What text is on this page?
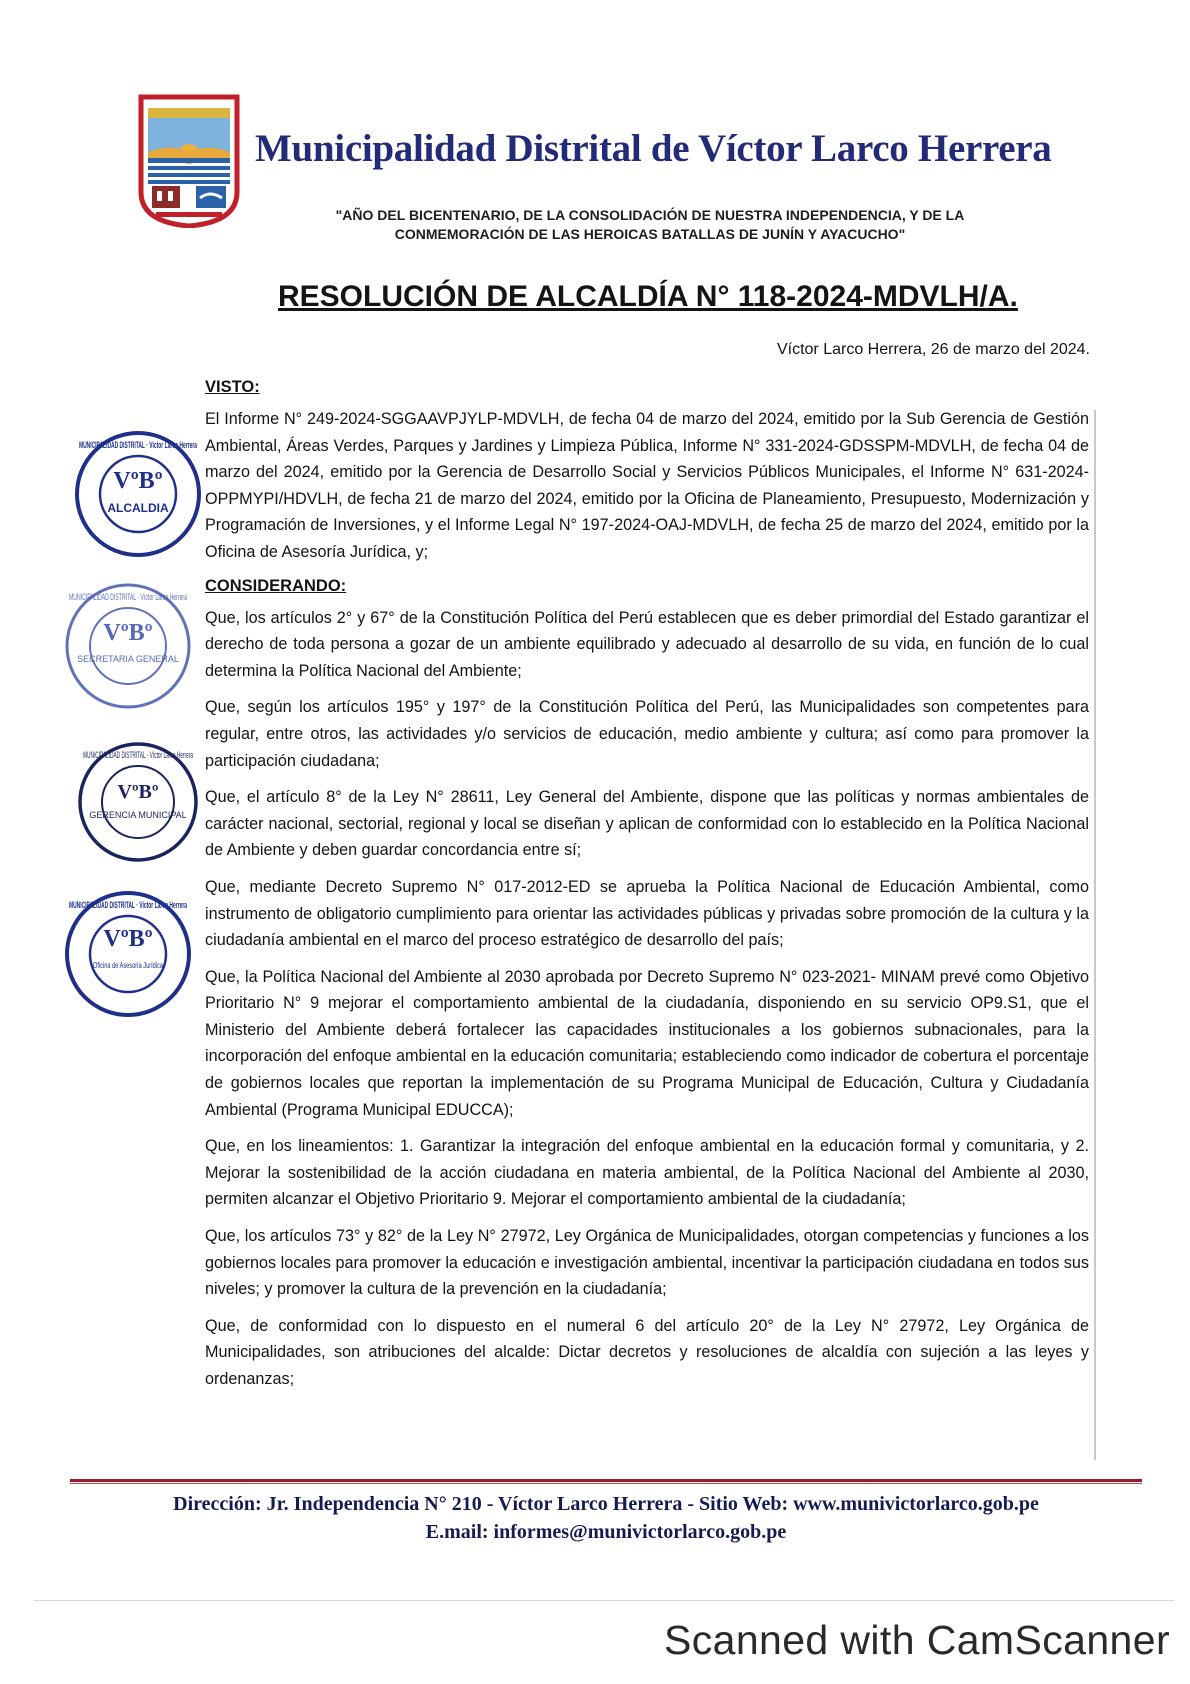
Municipalidad Distrital de Víctor Larco Herrera
"AÑO DEL BICENTENARIO, DE LA CONSOLIDACIÓN DE NUESTRA INDEPENDENCIA, Y DE LA
CONMEMORACIÓN DE LAS HEROICAS BATALLAS DE JUNÍN Y AYACUCHO"
RESOLUCIÓN DE ALCALDÍA N° 118-2024-MDVLH/A.
Víctor Larco Herrera, 26 de marzo del 2024.
VºBº
ALCALDIA
MUNICIPALIDAD DISTRITAL · Víctor Larco Herrera
VºBº
SECRETARIA GENERAL
MUNICIPALIDAD DISTRITAL · Víctor Larco Herrera
VºBº
GERENCIA MUNICIPAL
MUNICIPALIDAD DISTRITAL · Víctor Larco Herrera
VºBº
Oficina de Asesoría Jurídica
MUNICIPALIDAD DISTRITAL · Víctor Larco Herrera
VISTO:

El Informe N° 249-2024-SGGAAVPJYLP-MDVLH, de fecha 04 de marzo del 2024, emitido por la Sub Gerencia de Gestión Ambiental, Áreas Verdes, Parques y Jardines y Limpieza Pública, Informe N° 331-2024-GDSSPM-MDVLH, de fecha 04 de marzo del 2024, emitido por la Gerencia de Desarrollo Social y Servicios Públicos Municipales, el Informe N° 631-2024-OPPMYPI/HDVLH, de fecha 21 de marzo del 2024, emitido por la Oficina de Planeamiento, Presupuesto, Modernización y Programación de Inversiones, y el Informe Legal N° 197-2024-OAJ-MDVLH, de fecha 25 de marzo del 2024, emitido por la Oficina de Asesoría Jurídica, y;

CONSIDERANDO:

Que, los artículos 2° y 67° de la Constitución Política del Perú establecen que es deber primordial del Estado garantizar el derecho de toda persona a gozar de un ambiente equilibrado y adecuado al desarrollo de su vida, en función de lo cual determina la Política Nacional del Ambiente;

Que, según los artículos 195° y 197° de la Constitución Política del Perú, las Municipalidades son competentes para regular, entre otros, las actividades y/o servicios de educación, medio ambiente y cultura; así como para promover la participación ciudadana;

Que, el artículo 8° de la Ley N° 28611, Ley General del Ambiente, dispone que las políticas y normas ambientales de carácter nacional, sectorial, regional y local se diseñan y aplican de conformidad con lo establecido en la Política Nacional de Ambiente y deben guardar concordancia entre sí;

Que, mediante Decreto Supremo N° 017-2012-ED se aprueba la Política Nacional de Educación Ambiental, como instrumento de obligatorio cumplimiento para orientar las actividades públicas y privadas sobre promoción de la cultura y la ciudadanía ambiental en el marco del proceso estratégico de desarrollo del país;

Que, la Política Nacional del Ambiente al 2030 aprobada por Decreto Supremo N° 023-2021- MINAM prevé como Objetivo Prioritario N° 9 mejorar el comportamiento ambiental de la ciudadanía, disponiendo en su servicio OP9.S1, que el Ministerio del Ambiente deberá fortalecer las capacidades institucionales a los gobiernos subnacionales, para la incorporación del enfoque ambiental en la educación comunitaria; estableciendo como indicador de cobertura el porcentaje de gobiernos locales que reportan la implementación de su Programa Municipal de Educación, Cultura y Ciudadanía Ambiental (Programa Municipal EDUCCA);

Que, en los lineamientos: 1. Garantizar la integración del enfoque ambiental en la educación formal y comunitaria, y 2. Mejorar la sostenibilidad de la acción ciudadana en materia ambiental, de la Política Nacional del Ambiente al 2030, permiten alcanzar el Objetivo Prioritario 9. Mejorar el comportamiento ambiental de la ciudadanía;

Que, los artículos 73° y 82° de la Ley N° 27972, Ley Orgánica de Municipalidades, otorgan competencias y funciones a los gobiernos locales para promover la educación e investigación ambiental, incentivar la participación ciudadana en todos sus niveles; y promover la cultura de la prevención en la ciudadanía;

Que, de conformidad con lo dispuesto en el numeral 6 del artículo 20° de la Ley N° 27972, Ley Orgánica de Municipalidades, son atribuciones del alcalde: Dictar decretos y resoluciones de alcaldía con sujeción a las leyes y ordenanzas;

Dirección: Jr. Independencia N° 210 - Víctor Larco Herrera - Sitio Web: www.munivictorlarco.gob.pe
E.mail: informes@munivictorlarco.gob.pe
Scanned with CamScanner
